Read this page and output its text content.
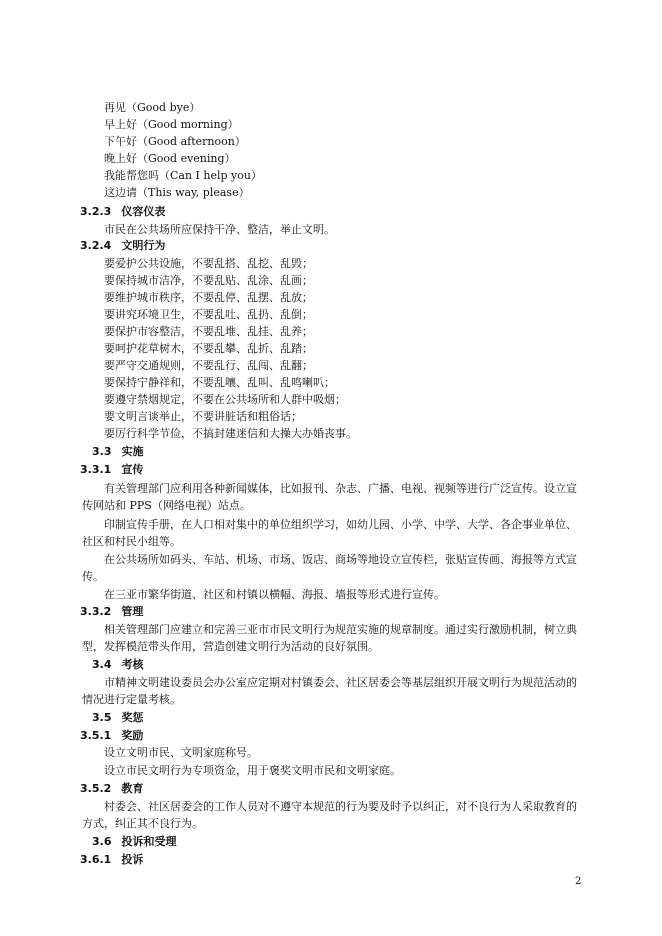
再见（Good bye）
早上好（Good morning）
下午好（Good afternoon）
晚上好（Good evening）
我能帮您吗（Can I help you）
这边请（This way, please）
3.2.3 仪容仪表
市民在公共场所应保持干净、整洁，举止文明。
3.2.4 文明行为
要爱护公共设施，不要乱搭、乱挖、乱毁；
要保持城市洁净，不要乱贴、乱涂、乱画；
要维护城市秩序，不要乱停、乱摆、乱放；
要讲究环境卫生，不要乱吐、乱扔、乱倒；
要保护市容整洁，不要乱堆、乱挂、乱养；
要呵护花草树木，不要乱攀、乱折、乱踏；
要严守交通规则，不要乱行、乱闯、乱翻；
要保持宁静祥和，不要乱嚷、乱叫、乱鸣喇叭；
要遵守禁烟规定，不要在公共场所和人群中吸烟；
要文明言谈举止，不要讲脏话和粗俗话；
要厉行科学节俭，不搞封建迷信和大操大办婚丧事。
3.3 实施
3.3.1 宣传
有关管理部门应利用各种新闻媒体，比如报刊、杂志、广播、电视、视频等进行广泛宣传。设立宣
传网站和 PPS（网络电视）站点。
印制宣传手册，在人口相对集中的单位组织学习，如幼儿园、小学、中学、大学、各企事业单位、
社区和村民小组等。
在公共场所如码头、车站、机场、市场、饭店、商场等地设立宣传栏，张贴宣传画、海报等方式宣
传。
在三亚市繁华街道、社区和村镇以横幅、海报、墙报等形式进行宣传。
3.3.2 管理
相关管理部门应建立和完善三亚市市民文明行为规范实施的规章制度。通过实行激励机制，树立典
型，发挥模范带头作用，营造创建文明行为活动的良好氛围。
3.4 考核
市精神文明建设委员会办公室应定期对村镇委会、社区居委会等基层组织开展文明行为规范活动的
情况进行定量考核。
3.5 奖惩
3.5.1 奖励
设立文明市民、文明家庭称号。
设立市民文明行为专项资金，用于褒奖文明市民和文明家庭。
3.5.2 教育
村委会、社区居委会的工作人员对不遵守本规范的行为要及时予以纠正，对不良行为人采取教育的
方式，纠正其不良行为。
3.6 投诉和受理
3.6.1 投诉
2
